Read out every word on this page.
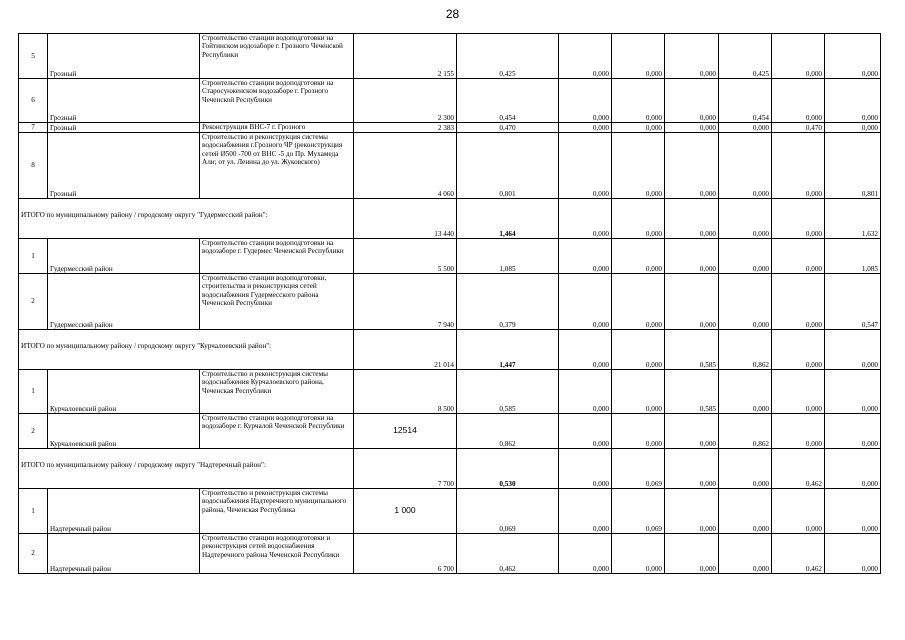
28
5	Грозный	Строительство станции водоподготовки на Гойтинском водозаборе г. Грозного Чеченской Республики	2 155	0,425	0,000	0,000	0,000	0,425	0,000	0,000
6	Грозный	Строительство станции водоподготовки на Старосунженском водозаборе г. Грозного Чеченской Республики	2 300	0,454	0,000	0,000	0,000	0,454	0,000	0,000
7	Грозный	Реконструкция ВНС-7 г. Грозного	2 383	0,470	0,000	0,000	0,000	0,000	0,470	0,000
8	Грозный	Строительство и реконструкция системы водоснабжения г.Грозного ЧР (реконструкция сетей Ø500 -700 от ВНС -5 до Пр. Мухамеда Али; от ул. Ленина до ул. Жуковского)	4 060	0,801	0,000	0,000	0,000	0,000	0,000	0,801
ИТОГО по муниципальному району / городскому округу "Гудермесский район":			13 440	1,464	0,000	0,000	0,000	0,000	0,000	1,632
1	Гудермесский район	Строительство станции водоподготовки на водозаборе г. Гудермес Чеченской Республики	5 500	1,085	0,000	0,000	0,000	0,000	0,000	1,085
2	Гудермесский район	Строительство станции водоподготовки, строительства и реконструкция сетей водоснабжения Гудермесского района Чеченской Республики	7 940	0,379	0,000	0,000	0,000	0,000	0,000	0,547
ИТОГО по муниципальному району / городскому округу "Курчалоевский район":			21 014	1,447	0,000	0,000	0,585	0,862	0,000	0,000
1	Курчалоевский район	Строительство и реконструкция системы водоснабжения Курчалоевского района, Чеченская Республики	8 500	0,585	0,000	0,000	0,585	0,000	0,000	0,000
2	Курчалоевский район	Строительство станции водоподготовки на водозаборе г. Курчалой Чеченской Республики	12514	0,862	0,000	0,000	0,000	0,862	0,000	0,000
ИТОГО по муниципальному району / городскому округу "Надтеречный район":			7 700	0,530	0,000	0,069	0,000	0,000	0,462	0,000
1	Надтеречный район	Строительство и реконструкция системы водоснабжения Надтеречного муниципального района, Чеченская Республика	1 000	0,069	0,000	0,069	0,000	0,000	0,000	0,000
2	Надтеречный район	Строительство станции водоподготовки и реконструкция сетей водоснабжения Надтеречного района Чеченской Республики	6 700	0,462	0,000	0,000	0,000	0,000	0,462	0,000
